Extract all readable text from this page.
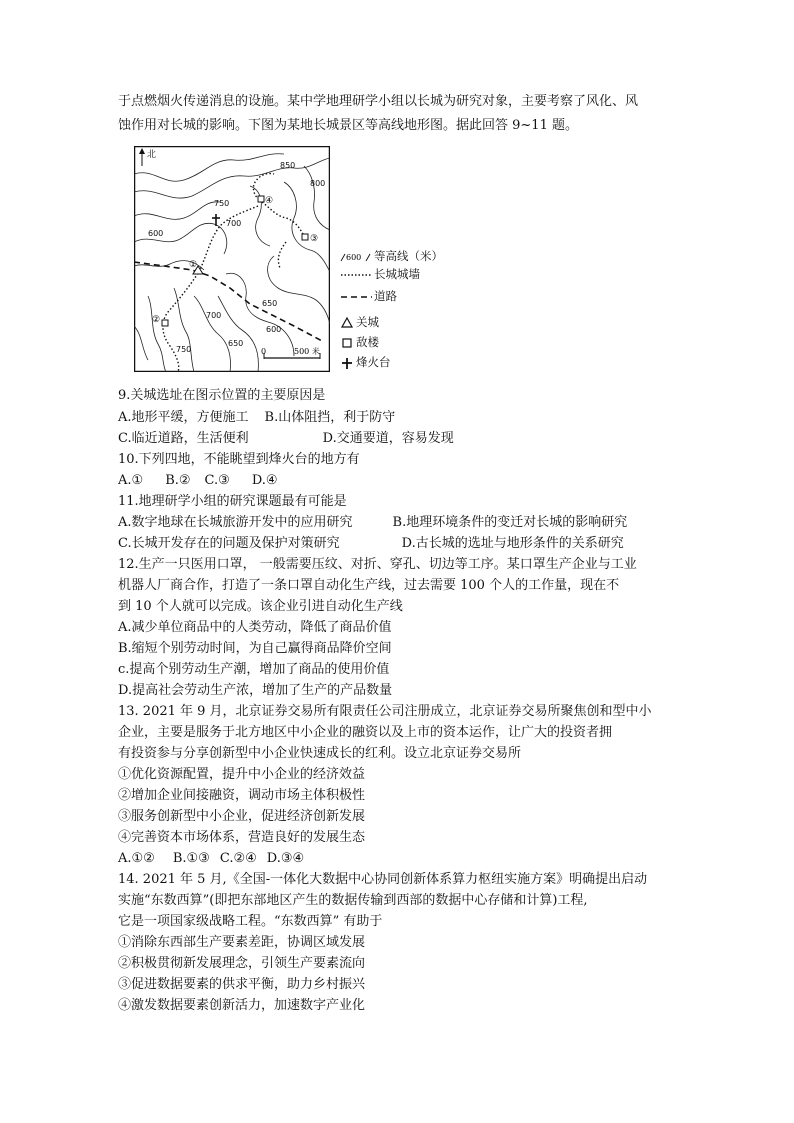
于点燃烟火传递消息的设施。某中学地理研学小组以长城为研究对象，主要考察了风化、风
蚀作用对长城的影响。下图为某地长城景区等高线地形图。据此回答 9~11 题。
600
600
650
650
700
700
750
750
800
850
北
①
②
③
④
0	500 米
600 等高线（米）
长城城墙
道路
关城
敌楼
烽火台
9.关城选址在图示位置的主要原因是
A.地形平缓，方便施工 B.山体阻挡，利于防守
C.临近道路，生活便利	D.交通要道，容易发现
10.下列四地，不能眺望到烽火台的地方有
A.① B.② C.③ D.④
11.地理研学小组的研究课题最有可能是
A.数字地球在长城旅游开发中的应用研究	B.地理环境条件的变迁对长城的影响研究
C.长城开发存在的问题及保护对策研究	D.古长城的选址与地形条件的关系研究
12.生产一只医用口罩， 一般需要压纹、对折、穿孔、切边等工序。某口罩生产企业与工业
机器人厂商合作，打造了一条口罩自动化生产线，过去需要 100 个人的工作量，现在不
到 10 个人就可以完成。该企业引进自动化生产线
A.减少单位商品中的人类劳动，降低了商品价值
B.缩短个别劳动时间，为自己赢得商品降价空间
c.提高个别劳动生产潮，增加了商品的使用价值
D.提高社会劳动生产浓，增加了生产的产品数量
13. 2021 年 9 月，北京证券交易所有限责任公司注册成立，北京证券交易所聚焦创和型中小
企业，主要是服务于北方地区中小企业的融资以及上市的资本运作，让广大的投资者拥
有投资参与分享创新型中小企业快速成长的红利。设立北京证券交易所
①优化资源配置，提升中小企业的经济效益
②增加企业间接融资，调动市场主体积极性
③服务创新型中小企业，促进经济创新发展
④完善资本市场体系，营造良好的发展生态
A.①② B.①③ C.②④ D.③④
14. 2021 年 5 月,《全国-一体化大数据中心协同创新体系算力枢纽实施方案》明确提出启动
实施“东数西算”(即把东部地区产生的数据传输到西部的数据中心存储和计算)工程,
它是一项国家级战略工程。“东数西算” 有助于
①消除东西部生产要素差距，协调区域发展
②积极贯彻新发展理念，引领生产要素流向
③促进数据要素的供求平衡，助力乡村振兴
④激发数据要素创新活力，加速数字产业化
